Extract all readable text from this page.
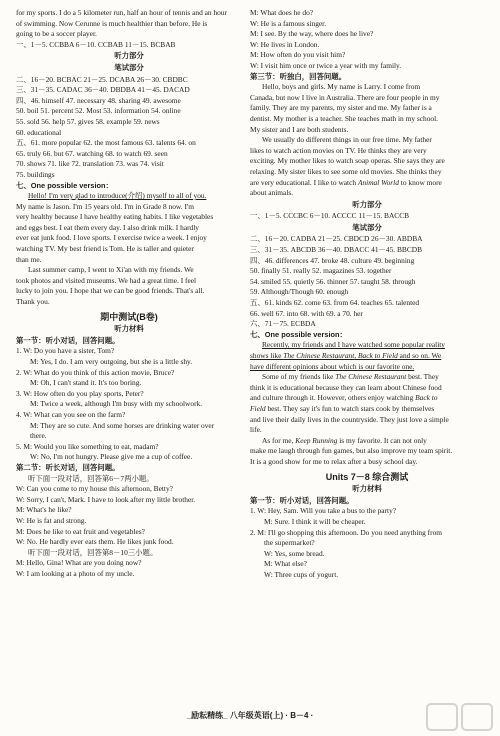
for my sports. I do a 5 kilometer run, half an hour of tennis and an hour

of swimming. Now Cerunne is much healthier than before. He is

going to be a soccer player.

一、1－5. CCBBA 6－10. CCBAB 11－15. BCBAB

听力部分

笔试部分

二、16－20. BCBAC 21－25. DCABA 26－30. CBDBC

三、31－35. CADAC 36－40. DBDBA 41－45. DACAD

四、46. himself 47. necessary 48. sharing 49. awesome

50. boil 51. percent 52. Most 53. information 54. online

55. sold 56. help 57. gives 58. example 59. news

60. educational

五、61. more popular 62. the most famous 63. talents 64. on

65. truly 66. but 67. watching 68. to watch 69. seen

70. shows 71. like 72. translation 73. was 74. visit

75. buildings

七、One possible version：

Hello! I'm very glad to introduce(介绍) myself to all of you.

My name is Jason. I'm 15 years old. I'm in Grade 8 now. I'm

very healthy because I have healthy eating habits. I like vegetables

and eggs best. I eat them every day. I also drink milk. I hardly

ever eat junk food. I love sports. I exercise twice a week. I enjoy

watching TV. My best friend is Tom. He is taller and quieter

than me.

Last summer camp, I went to Xi'an with my friends. We

took photos and visited museums. We had a great time. I feel

lucky to join you. I hope that we can be good friends. That's all.

Thank you.

期中测试(B卷)

听力材料

第一节：听小对话，回答问题。

1. W: Do you have a sister, Tom?

M: Yes, I do. I am very outgoing, but she is a little shy.

2. W: What do you think of this action movie, Bruce?

M: Oh, I can't stand it. It's too boring.

3. W: How often do you play sports, Peter?

M: Twice a week, although I'm busy with my schoolwork.

4. W: What can you see on the farm?

M: They are so cute. And some horses are drinking water over

there.

5. M: Would you like something to eat, madam?

W: No, I'm not hungry. Please give me a cup of coffee.

第二节：听长对话，回答问题。

听下面一段对话，回答第6－7两小题。

W: Can you come to my house this afternoon, Betty?

W: Sorry, I can't, Mark. I have to look after my little brother.

M: What's he like?

W: He is fat and strong.

M: Does he like to eat fruit and vegetables?

W: No. He hardly ever eats them. He likes junk food.

听下面一段对话，回答第8－10三小题。

M: Hello, Gina! What are you doing now?

W: I am looking at a photo of my uncle.

M: What does he do?

W: He is a famous singer.

M: I see. By the way, where does he live?

W: He lives in London.

M: How often do you visit him?

W: I visit him once or twice a year with my family.

第三节：听独白，回答问题。

Hello, boys and girls. My name is Larry. I come from

Canada, but now I live in Australia. There are four people in my

family. They are my parents, my sister and me. My father is a

dentist. My mother is a teacher. She teaches math in my school.

My sister and I are both students.

We usually do different things in our free time. My father

likes to watch action movies on TV. He thinks they are very

exciting. My mother likes to watch soap operas. She says they are

relaxing. My sister likes to see some old movies. She thinks they

are very educational. I like to watch Animal World to know more

about animals.

听力部分

一、1－5. CCCBC 6－10. ACCCC 11－15. BACCB

笔试部分

二、16－20. CADBA 21－25. CBDCD 26－30. ABDBA

三、31－35. ABCDB 36－40. DBACC 41－45. BBCDB

四、46. differences 47. broke 48. culture 49. beginning

50. finally 51. really 52. magazines 53. together

54. smiled 55. quietly 56. thinner 57. taught 58. through

59. Although/Though 60. enough

五、61. kinds 62. come 63. from 64. teaches 65. talented

66. well 67. into 68. with 69. a 70. her

六、71－75. ECBDA

七、One possible version：

Recently, my friends and I have watched some popular reality

shows like The Chinese Restaurant, Back to Field and so on. We

have different opinions about which is our favorite one.

Some of my friends like The Chinese Restaurant best. They

think it is educational because they can learn about Chinese food

and culture through it. However, others enjoy watching Back to

Field best. They say it's fun to watch stars cook by themselves

and live their daily lives in the countryside. They just love a simple

life.

As for me, Keep Running is my favorite. It can not only

make me laugh through fun games, but also improve my team spirit.

It is a good show for me to relax after a busy school day.

Units 7－8 综合测试

听力材料

第一节：听小对话，回答问题。

1. W: Hey, Sam. Will you take a bus to the party?

M: Sure. I think it will be cheaper.

2. M: I'll go shopping this afternoon. Do you need anything from

the supermarket?

W: Yes, some bread.

M: What else?

W: Three cups of yogurt.

_励耘精练_ 八年级英语(上) · B－4 ·
